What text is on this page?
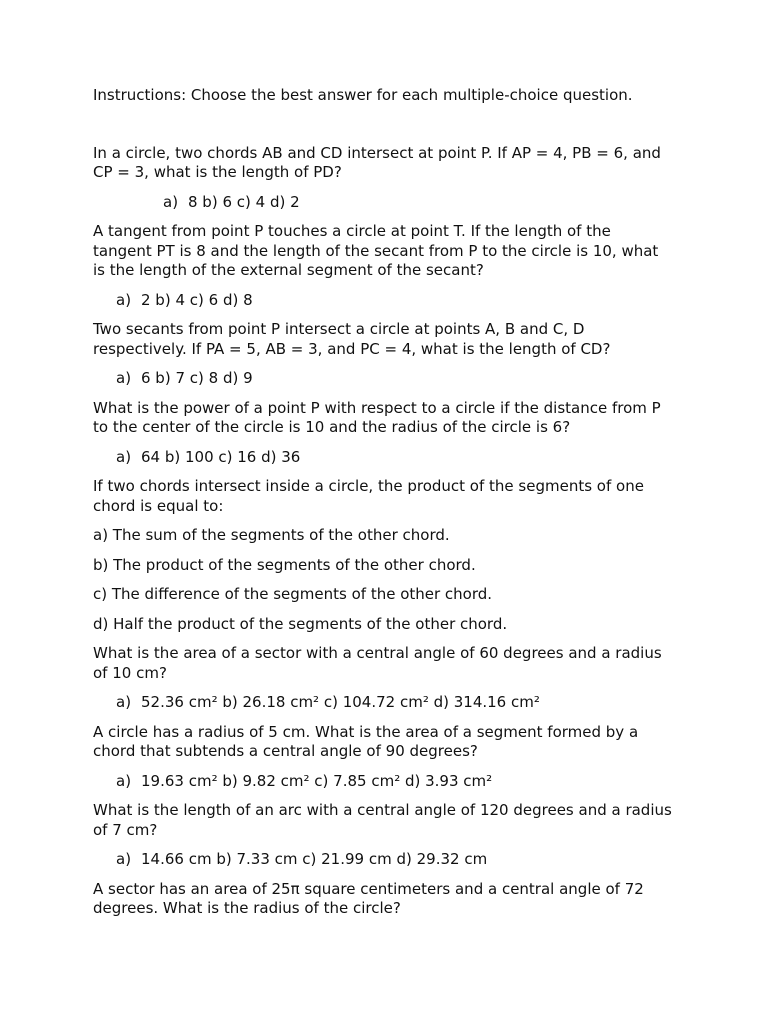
Instructions: Choose the best answer for each multiple-choice question.

In a circle, two chords AB and CD intersect at point P. If AP = 4, PB = 6, and CP = 3, what is the length of PD?

a) 8 b) 6 c) 4 d) 2

A tangent from point P touches a circle at point T. If the length of the tangent PT is 8 and the length of the secant from P to the circle is 10, what is the length of the external segment of the secant?

a) 2 b) 4 c) 6 d) 8

Two secants from point P intersect a circle at points A, B and C, D respectively. If PA = 5, AB = 3, and PC = 4, what is the length of CD?

a) 6 b) 7 c) 8 d) 9

What is the power of a point P with respect to a circle if the distance from P to the center of the circle is 10 and the radius of the circle is 6?

a) 64 b) 100 c) 16 d) 36

If two chords intersect inside a circle, the product of the segments of one chord is equal to:

a) The sum of the segments of the other chord.

b) The product of the segments of the other chord.

c) The difference of the segments of the other chord.

d) Half the product of the segments of the other chord.

What is the area of a sector with a central angle of 60 degrees and a radius of 10 cm?

a) 52.36 cm² b) 26.18 cm² c) 104.72 cm² d) 314.16 cm²

A circle has a radius of 5 cm. What is the area of a segment formed by a chord that subtends a central angle of 90 degrees?

a) 19.63 cm² b) 9.82 cm² c) 7.85 cm² d) 3.93 cm²

What is the length of an arc with a central angle of 120 degrees and a radius of 7 cm?

a) 14.66 cm b) 7.33 cm c) 21.99 cm d) 29.32 cm

A sector has an area of 25π square centimeters and a central angle of 72 degrees. What is the radius of the circle?
